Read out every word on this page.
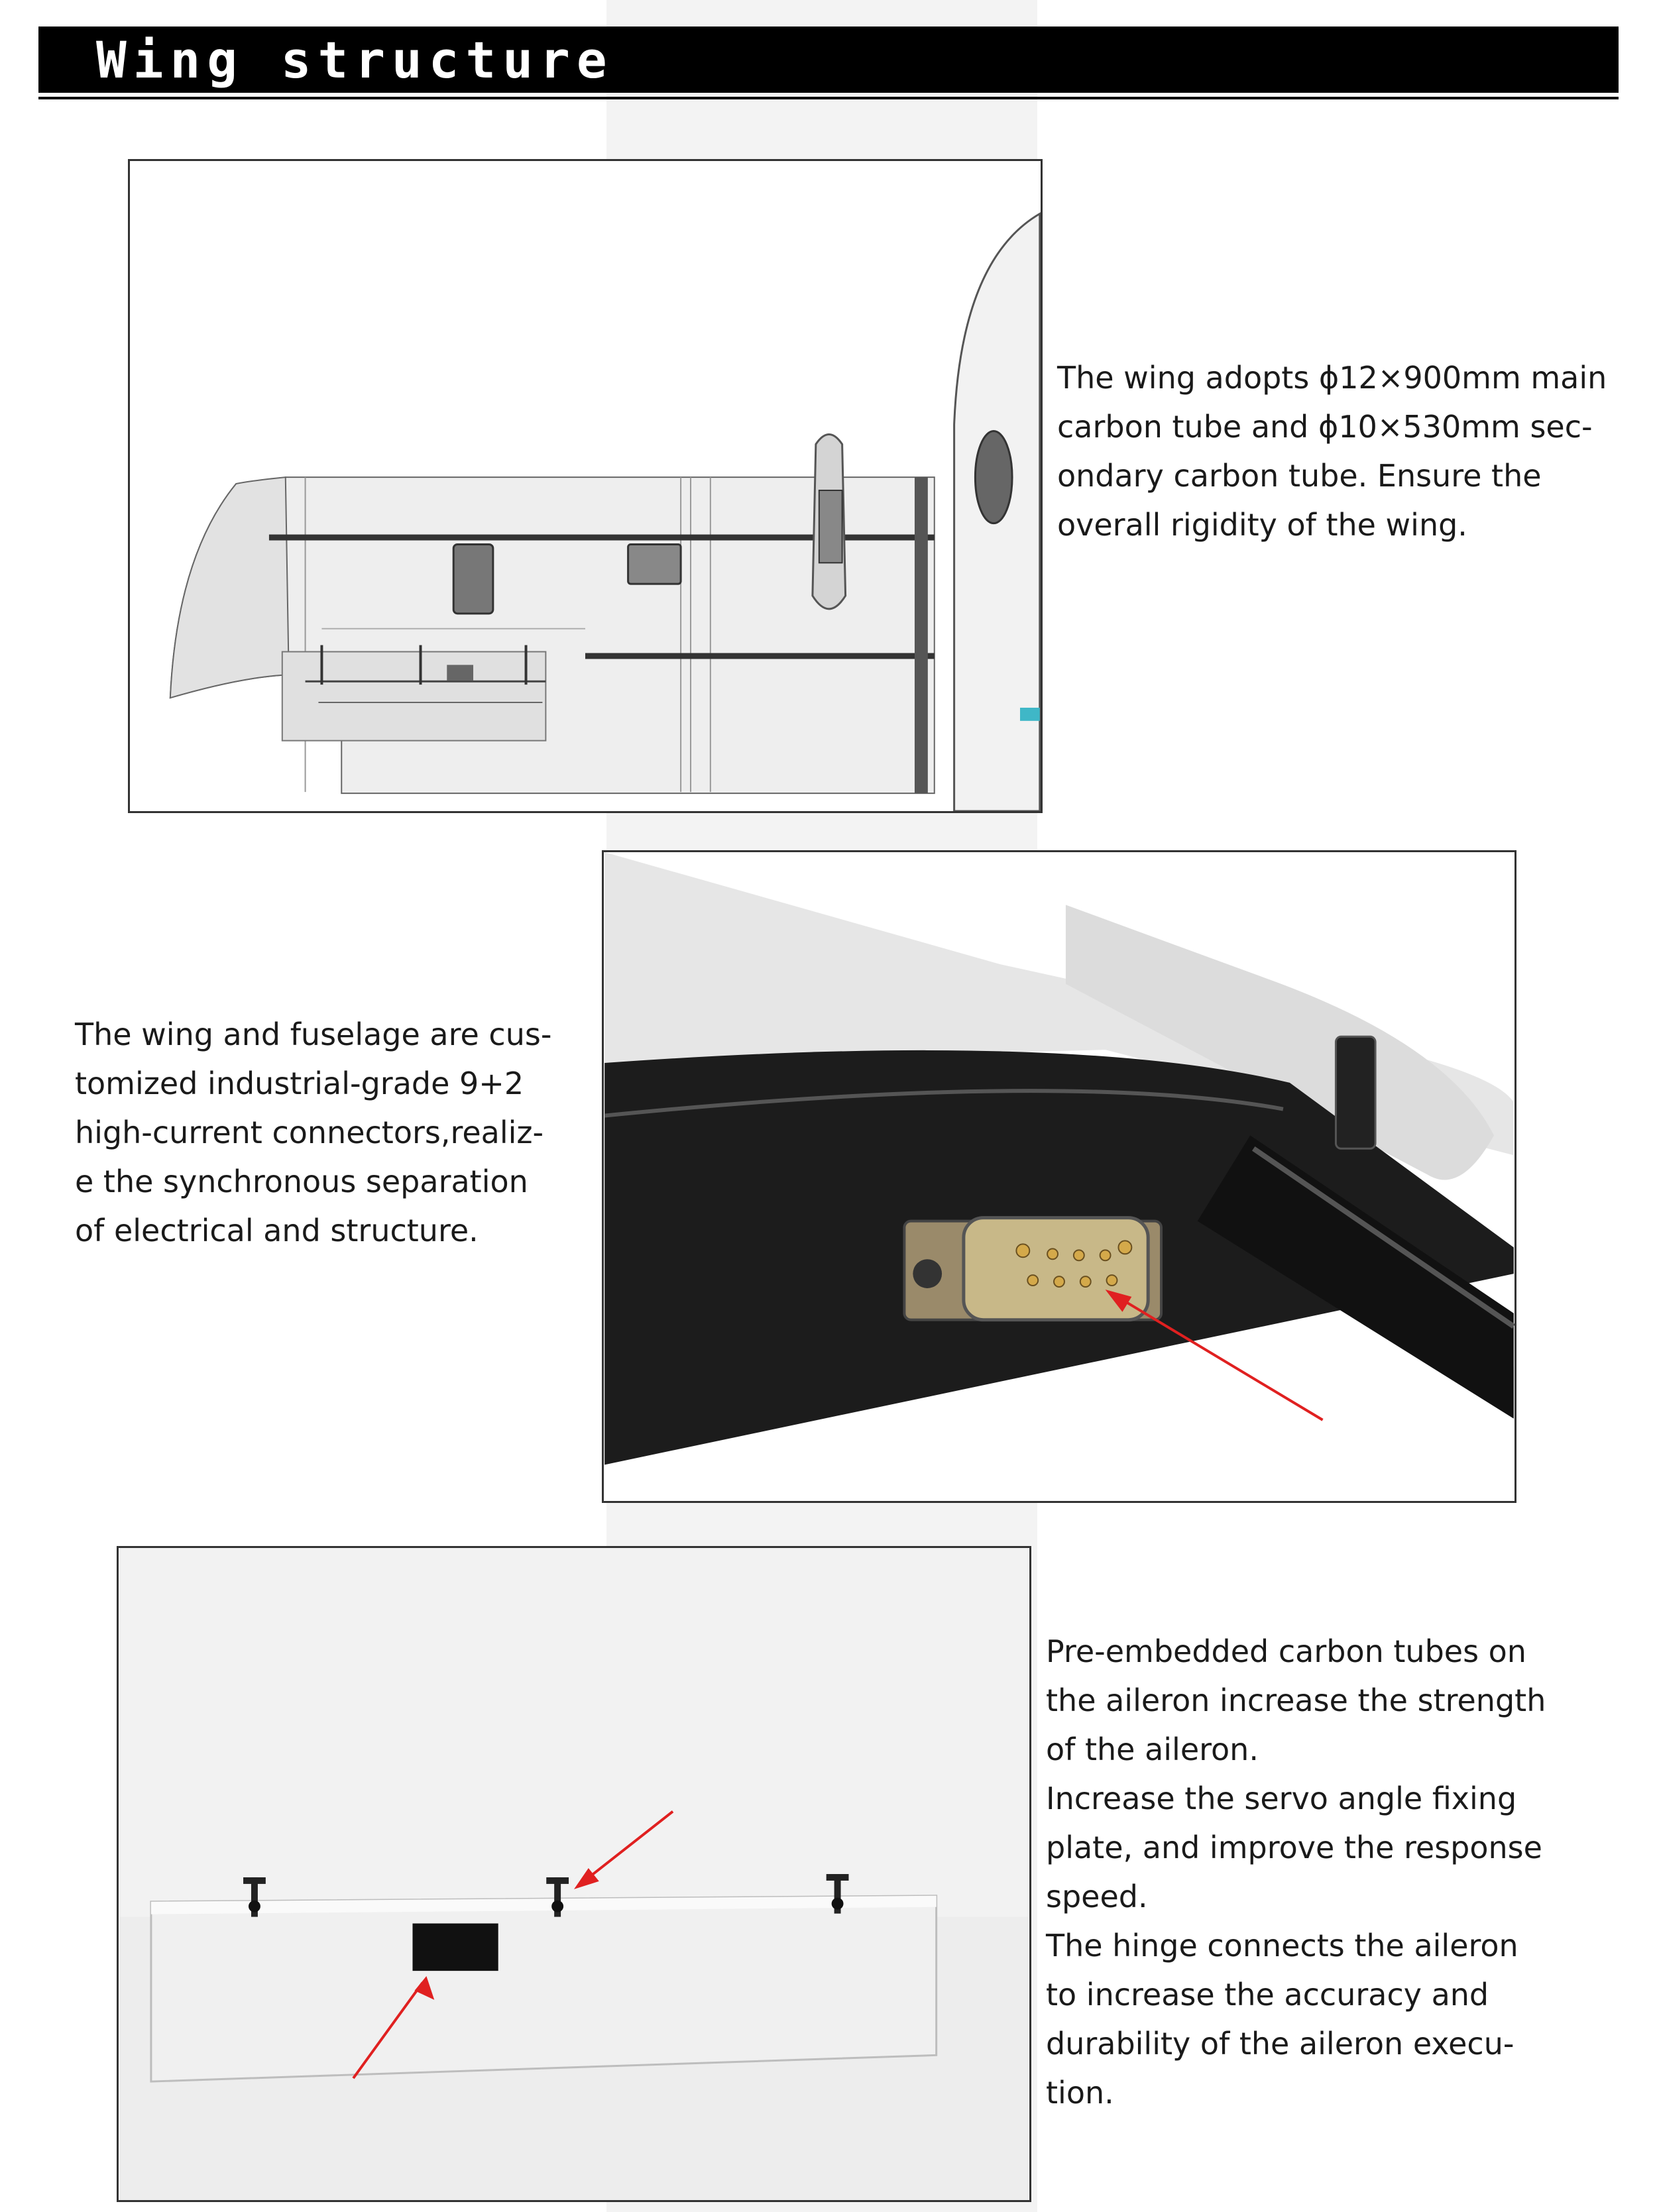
Wing structure
The wing adopts ϕ12×900mm main
carbon tube and ϕ10×530mm sec-
ondary carbon tube. Ensure the
overall rigidity of the wing.
The wing and fuselage are cus-
tomized industrial-grade 9+2
high-current connectors,realiz-
e the synchronous separation
of electrical and structure.
Pre-embedded carbon tubes on
the aileron increase the strength
of the aileron.
Increase the servo angle fixing
plate, and improve the response
speed.
The hinge connects the aileron
to increase the accuracy and
durability of the aileron execu-
tion.
